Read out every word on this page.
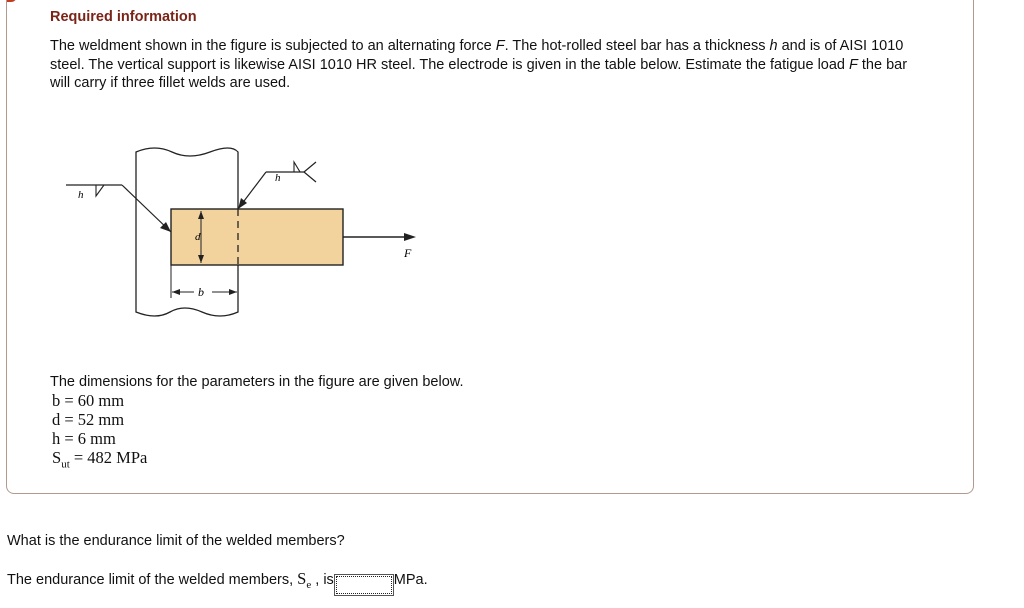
Required information
The weldment shown in the figure is subjected to an alternating force F. The hot-rolled steel bar has a thickness h and is of AISI 1010 steel. The vertical support is likewise AISI 1010 HR steel. The electrode is given in the table below. Estimate the fatigue load F the bar will carry if three fillet welds are used.
F
d
b
h
h
The dimensions for the parameters in the figure are given below.
b = 60 mm
d = 52 mm
h = 6 mm
$S_{ut} = 482$ MPa
What is the endurance limit of the welded members?
The endurance limit of the welded members, $S_e$ , is	MPa.
